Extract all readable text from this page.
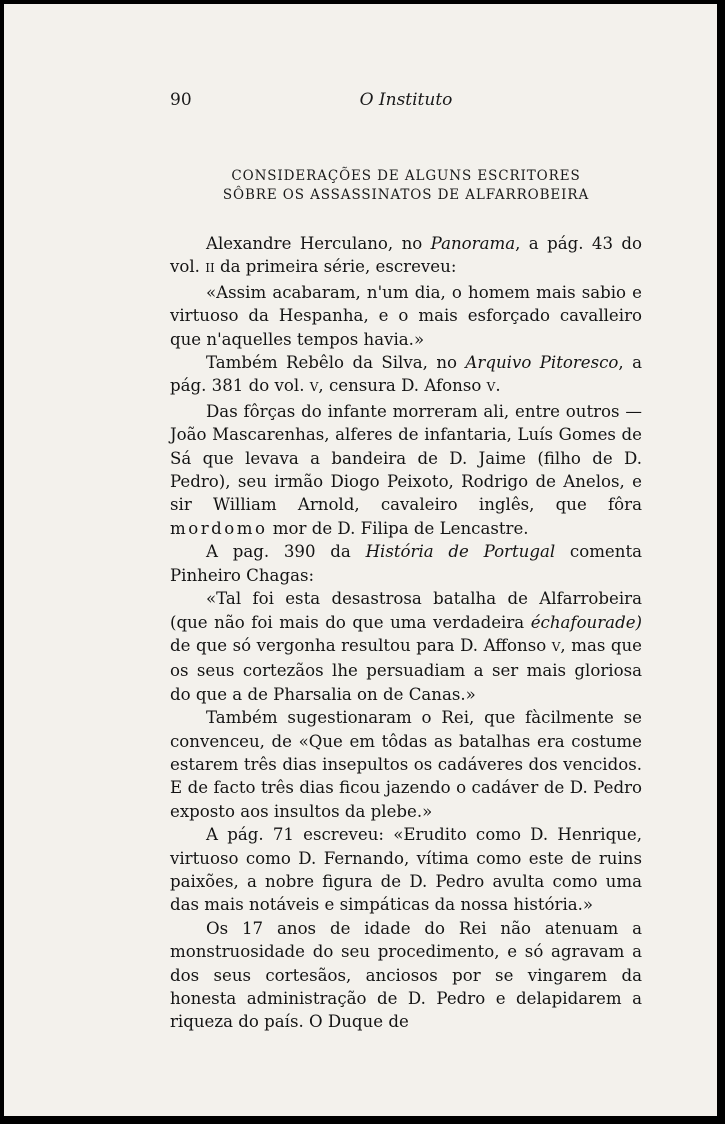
90	O Instituto
CONSIDERAÇÕES DE ALGUNS ESCRITORES
SÔBRE OS ASSASSINATOS DE ALFARROBEIRA

Alexandre Herculano, no Panorama, a pág. 43 do vol. II da primeira série, escreveu:

«Assim acabaram, n'um dia, o homem mais sabio e virtuoso da Hespanha, e o mais esforçado cavalleiro que n'aquelles tempos havia.»

Também Rebêlo da Silva, no Arquivo Pitoresco, a pág. 381 do vol. V, censura D. Afonso V.

Das fôrças do infante morreram ali, entre outros — João Mascarenhas, alferes de infantaria, Luís Gomes de Sá que levava a bandeira de D. Jaime (filho de D. Pedro), seu irmão Diogo Peixoto, Rodrigo de Anelos, e sir William Arnold, cavaleiro inglês, que fôra mordomo mor de D. Filipa de Lencastre.

A pag. 390 da História de Portugal comenta Pinheiro Chagas:

«Tal foi esta desastrosa batalha de Alfarrobeira (que não foi mais do que uma verdadeira échafourade) de que só vergonha resultou para D. Affonso V, mas que os seus cortezãos lhe persuadiam a ser mais gloriosa do que a de Pharsalia on de Canas.»

Também sugestionaram o Rei, que fàcilmente se convenceu, de «Que em tôdas as batalhas era costume estarem três dias insepultos os cadáveres dos vencidos. E de facto três dias ficou jazendo o cadáver de D. Pedro exposto aos insultos da plebe.»

A pág. 71 escreveu: «Erudito como D. Henrique, virtuoso como D. Fernando, vítima como este de ruins paixões, a nobre figura de D. Pedro avulta como uma das mais notáveis e simpáticas da nossa história.»

Os 17 anos de idade do Rei não atenuam a monstruosidade do seu procedimento, e só agravam a dos seus cortesãos, anciosos por se vingarem da honesta administração de D. Pedro e delapidarem a riqueza do país. O Duque de
